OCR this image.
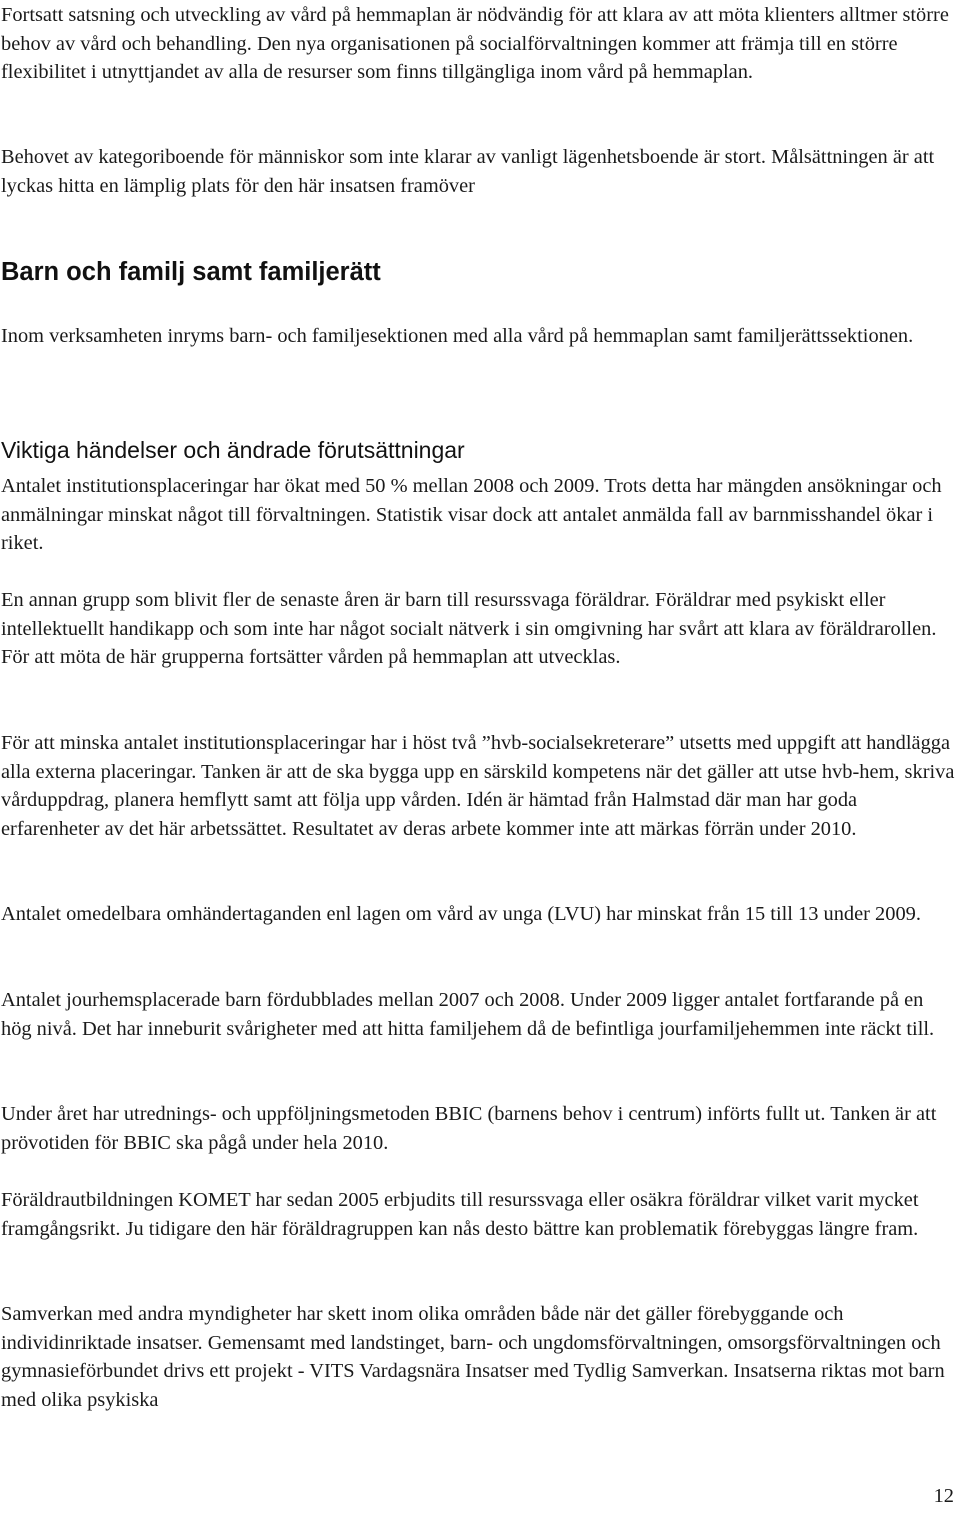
Fortsatt satsning och utveckling av vård på hemmaplan är nödvändig för att klara av att möta klienters alltmer större behov av vård och behandling. Den nya organisationen på socialförvaltningen kommer att främja till en större flexibilitet i utnyttjandet av alla de resurser som finns tillgängliga inom vård på hemmaplan.

Behovet av kategoriboende för människor som inte klarar av vanligt lägenhetsboende är stort. Målsättningen är att lyckas hitta en lämplig plats för den här insatsen framöver

Barn och familj samt familjerätt

Inom verksamheten inryms barn- och familjesektionen med alla vård på hemmaplan samt familjerättssektionen.

Viktiga händelser och ändrade förutsättningar

Antalet institutionsplaceringar har ökat med 50 % mellan 2008 och 2009. Trots detta har mängden ansökningar och anmälningar minskat något till förvaltningen. Statistik visar dock att antalet anmälda fall av barnmisshandel ökar i riket.

En annan grupp som blivit fler de senaste åren är barn till resurssvaga föräldrar. Föräldrar med psykiskt eller intellektuellt handikapp och som inte har något socialt nätverk i sin omgivning har svårt att klara av föräldrarollen. För att möta de här grupperna fortsätter vården på hemmaplan att utvecklas.

För att minska antalet institutionsplaceringar har i höst två ”hvb-socialsekreterare” utsetts med uppgift att handlägga alla externa placeringar. Tanken är att de ska bygga upp en särskild kompetens när det gäller att utse hvb-hem, skriva vårduppdrag, planera hemflytt samt att följa upp vården. Idén är hämtad från Halmstad där man har goda erfarenheter av det här arbetssättet. Resultatet av deras arbete kommer inte att märkas förrän under 2010.

Antalet omedelbara omhändertaganden enl lagen om vård av unga (LVU) har minskat från 15 till 13 under 2009.

Antalet jourhemsplacerade barn fördubblades mellan 2007 och 2008. Under 2009 ligger antalet fortfarande på en hög nivå. Det har inneburit svårigheter med att hitta familjehem då de befintliga jourfamiljehemmen inte räckt till.

Under året har utrednings- och uppföljningsmetoden BBIC (barnens behov i centrum) införts fullt ut. Tanken är att prövotiden för BBIC ska pågå under hela 2010.

Föräldrautbildningen KOMET har sedan 2005 erbjudits till resurssvaga eller osäkra föräldrar vilket varit mycket framgångsrikt. Ju tidigare den här föräldragruppen kan nås desto bättre kan problematik förebyggas längre fram.

Samverkan med andra myndigheter har skett inom olika områden både när det gäller förebyggande och individinriktade insatser. Gemensamt med landstinget, barn- och ungdomsförvaltningen, omsorgsförvaltningen och gymnasieförbundet drivs ett projekt - VITS Vardagsnära Insatser med Tydlig Samverkan. Insatserna riktas mot barn med olika psykiska

12
